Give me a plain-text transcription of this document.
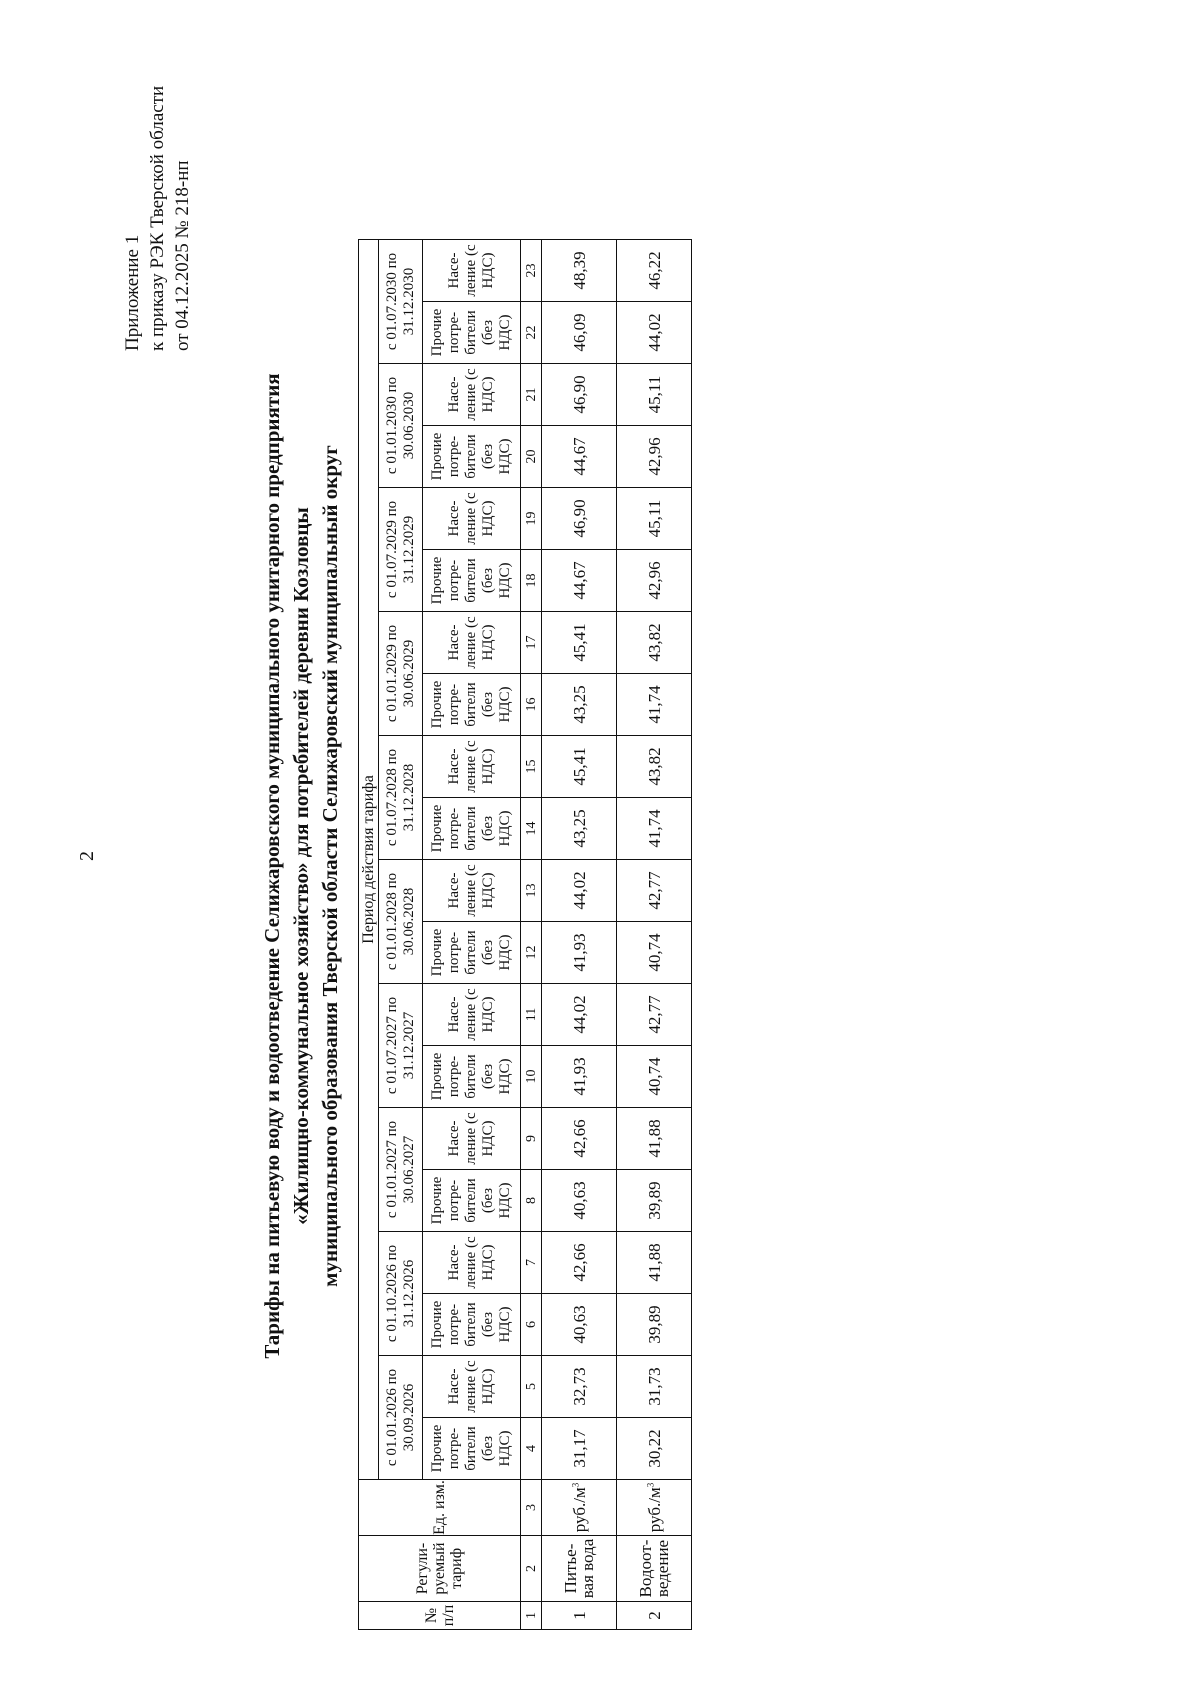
2
Приложение 1 к приказу РЭК Тверской области от 04.12.2025 № 218-нп
Тарифы на питьевую воду и водоотведение Селижаровского муниципального унитарного предприятия «Жилищно-коммунальное хозяйство» для потребителей деревни Козловцы муниципального образования Тверской области Селижаровский муниципальный округ
№ п/п	Регули-руемый тариф	Ед. изм.	Период действия тарифа																			
			с 01.01.2026 по 30.09.2026		с 01.10.2026 по 31.12.2026		с 01.01.2027 по 30.06.2027		с 01.07.2027 по 31.12.2027		с 01.01.2028 по 30.06.2028		с 01.07.2028 по 31.12.2028		с 01.01.2029 по 30.06.2029		с 01.07.2029 по 31.12.2029		с 01.01.2030 по 30.06.2030		с 01.07.2030 по 31.12.2030	
			Прочие потре-бители (без НДС)	Насе-ление (с НДС)	Прочие потре-бители (без НДС)	Насе-ление (с НДС)	Прочие потре-бители (без НДС)	Насе-ление (с НДС)	Прочие потре-бители (без НДС)	Насе-ление (с НДС)	Прочие потре-бители (без НДС)	Насе-ление (с НДС)	Прочие потре-бители (без НДС)	Насе-ление (с НДС)	Прочие потре-бители (без НДС)	Насе-ление (с НДС)	Прочие потре-бители (без НДС)	Насе-ление (с НДС)	Прочие потре-бители (без НДС)	Насе-ление (с НДС)	Прочие потре-бители (без НДС)	Насе-ление (с НДС)
1	2	3	4	5	6	7	8	9	10	11	12	13	14	15	16	17	18	19	20	21	22	23
1	Питье-вая вода	$руб./м^3$	31,17	32,73	40,63	42,66	40,63	42,66	41,93	44,02	41,93	44,02	43,25	45,41	43,25	45,41	44,67	46,90	44,67	46,90	46,09	48,39
2	Водоот-ведение	$руб./м^3$	30,22	31,73	39,89	41,88	39,89	41,88	40,74	42,77	40,74	42,77	41,74	43,82	41,74	43,82	42,96	45,11	42,96	45,11	44,02	46,22
